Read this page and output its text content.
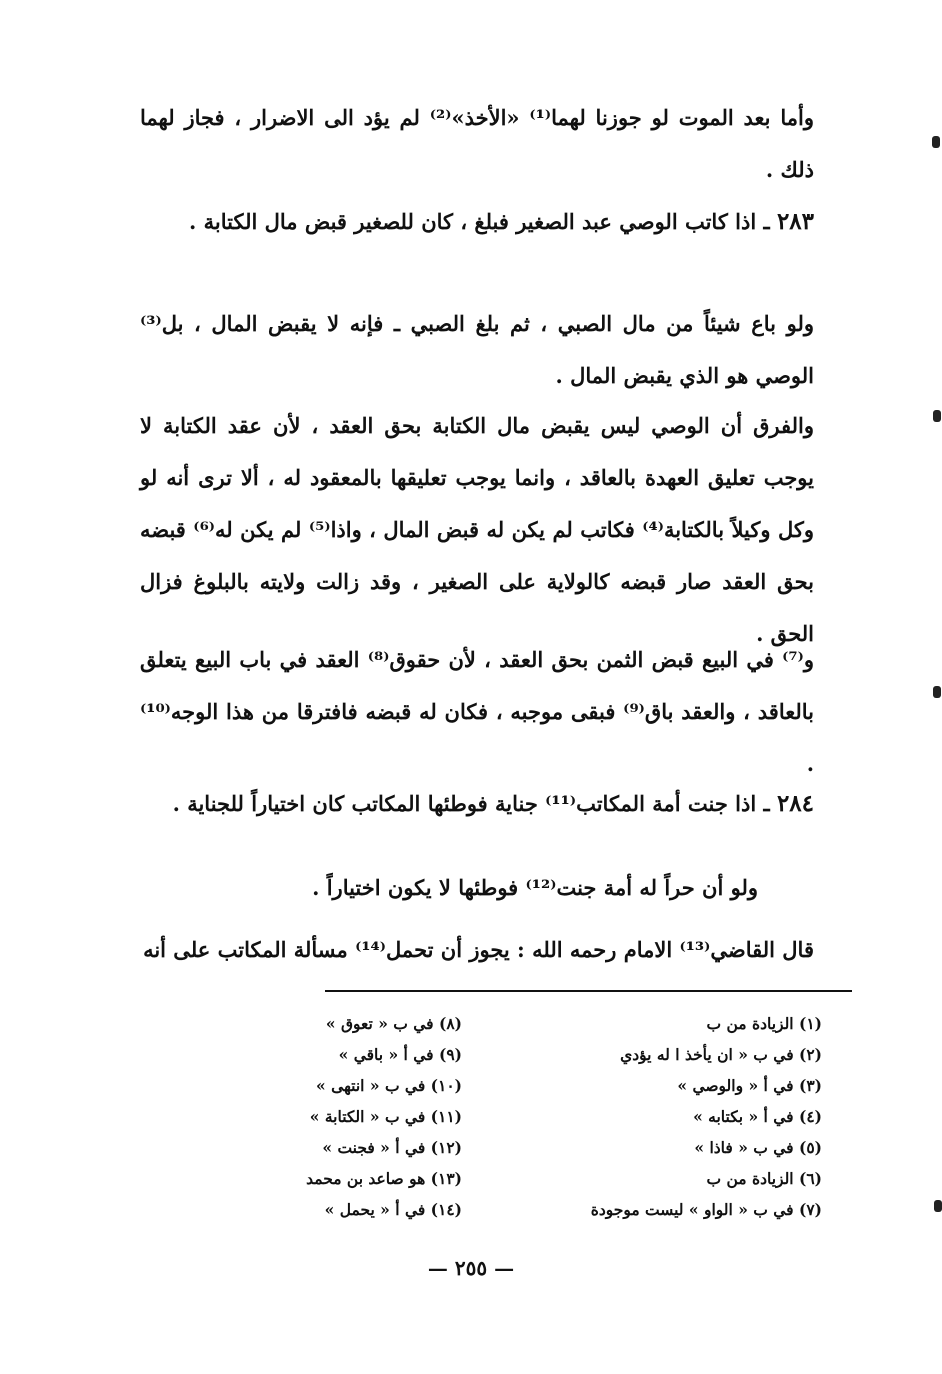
وأما بعد الموت لو جوزنا لهما⁽¹⁾ «الأخذ»⁽²⁾ لم يؤد الى الاضرار ، فجاز لهما ذلك .

٢٨٣ ـ اذا كاتب الوصي عبد الصغير فبلغ ، كان للصغير قبض مال الكتابة .

ولو باع شيئاً من مال الصبي ، ثم بلغ الصبي ـ فإنه لا يقبض المال ، بل⁽³⁾ الوصي هو الذي يقبض المال .

والفرق أن الوصي ليس يقبض مال الكتابة بحق العقد ، لأن عقد الكتابة لا يوجب تعليق العهدة بالعاقد ، وانما يوجب تعليقها بالمعقود له ، ألا ترى أنه لو وكل وكيلاً بالكتابة⁽⁴⁾ فكاتب لم يكن له قبض المال ، واذا⁽⁵⁾ لم يكن له⁽⁶⁾ قبضه بحق العقد صار قبضه كالولاية على الصغير ، وقد زالت ولايته بالبلوغ فزال الحق .

و⁽⁷⁾ في البيع قبض الثمن بحق العقد ، لأن حقوق⁽⁸⁾ العقد في باب البيع يتعلق بالعاقد ، والعقد باق⁽⁹⁾ فبقى موجبه ، فكان له قبضه فافترقا من هذا الوجه⁽¹⁰⁾ .

٢٨٤ ـ اذا جنت أمة المكاتب⁽¹¹⁾ جناية فوطئها المكاتب كان اختياراً للجناية .

ولو أن حراً له أمة جنت⁽¹²⁾ فوطئها لا يكون اختياراً .

قال القاضي⁽¹³⁾ الامام رحمه الله : يجوز أن تحمل⁽¹⁴⁾ مسألة المكاتب على أنه

(١) الزيادة من ب
(٢) في ب « ان يأخذ ا له يؤدي
(٣) في أ « والوصي »
(٤) في أ « بكتابه »
(٥) في ب « فاذا »
(٦) الزيادة من ب
(٧) في ب « الواو » ليست موجودة
(٨) في ب « تعوق »
(٩) في أ « باقي »
(١٠) في ب « انتهى »
(١١) في ب « الكتابة »
(١٢) في أ « فجنت »
(١٣) هو صاعد بن محمد
(١٤) في أ « يحمل »
— ٢٥٥ —
